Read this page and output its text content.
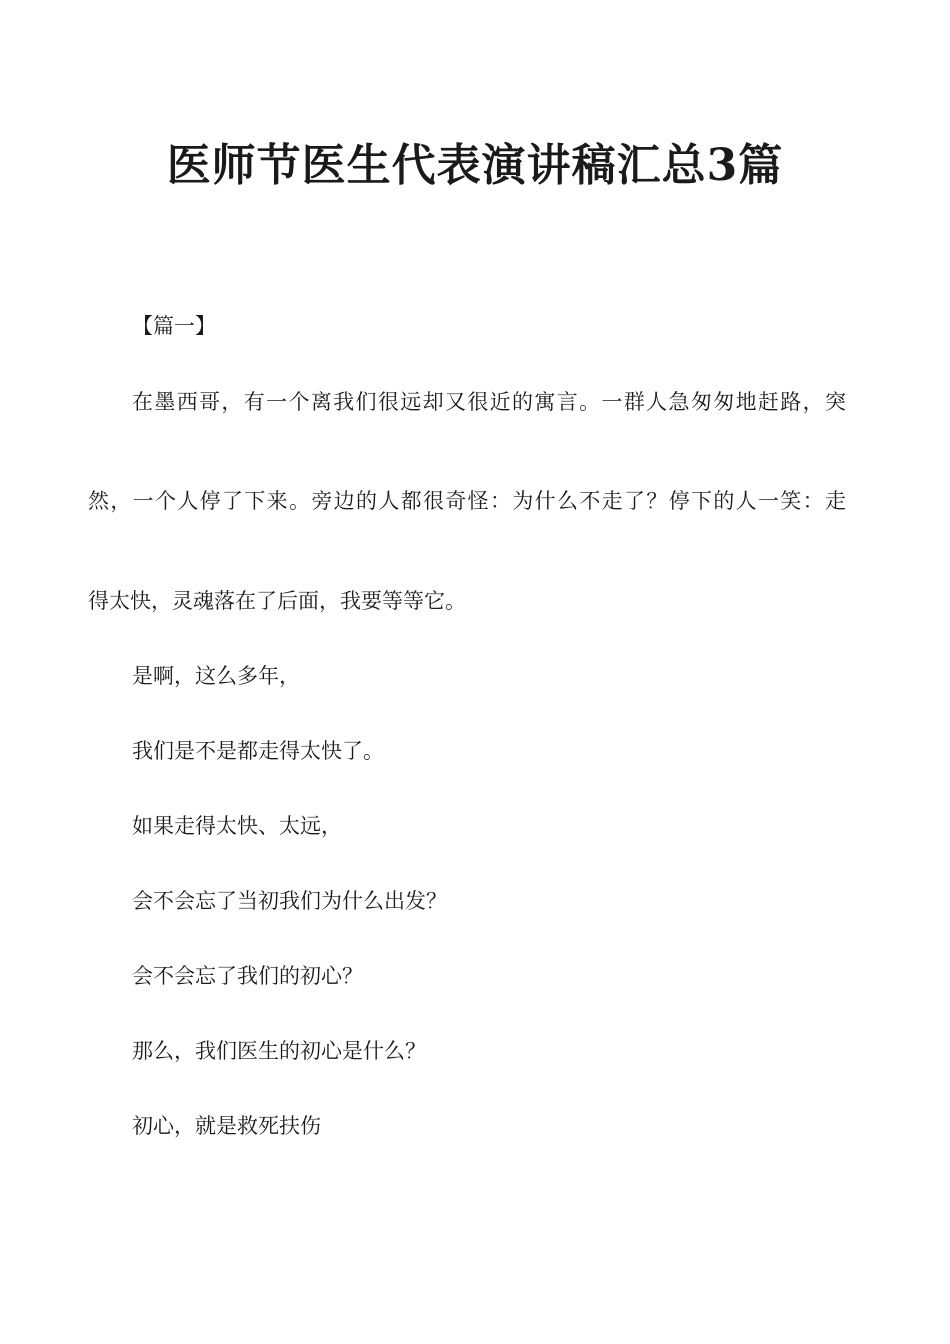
医师节医生代表演讲稿汇总3篇

【篇一】

在墨西哥，有一个离我们很远却又很近的寓言。一群人急匆匆地赶路，突

然，一个人停了下来。旁边的人都很奇怪：为什么不走了？停下的人一笑：走

得太快，灵魂落在了后面，我要等等它。

是啊，这么多年，

我们是不是都走得太快了。

如果走得太快、太远，

会不会忘了当初我们为什么出发？

会不会忘了我们的初心？

那么，我们医生的初心是什么？

初心，就是救死扶伤
